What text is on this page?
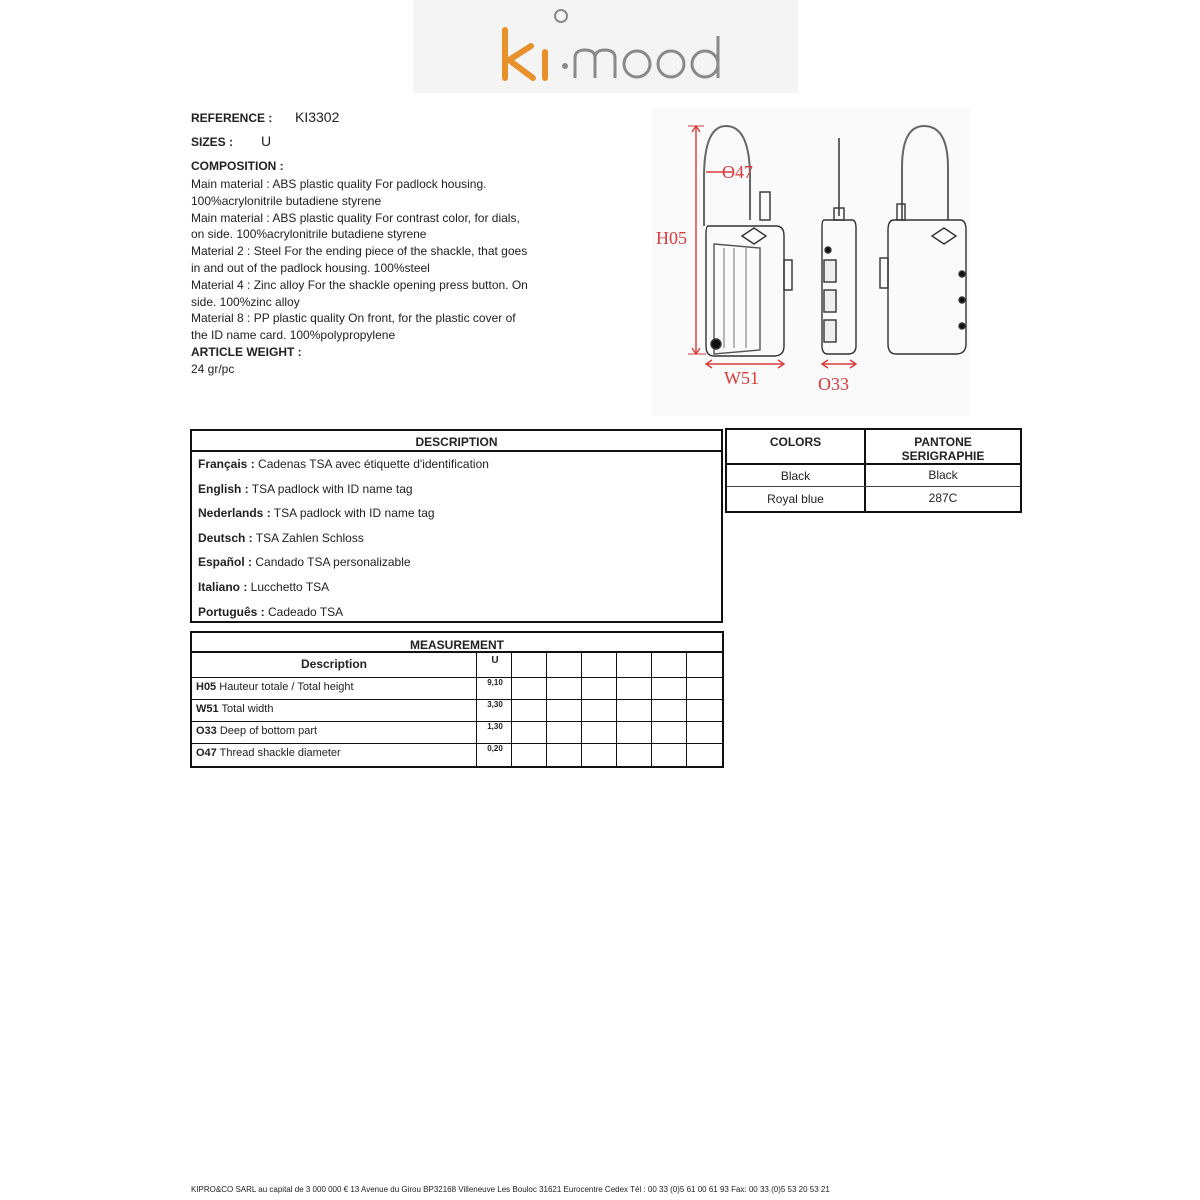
REFERENCE : KI3302
SIZES : U
COMPOSITION :
Main material : ABS plastic quality For padlock housing.
100%acrylonitrile butadiene styrene
Main material : ABS plastic quality For contrast color, for dials,
on side. 100%acrylonitrile butadiene styrene
Material 2 : Steel For the ending piece of the shackle, that goes
in and out of the padlock housing. 100%steel
Material 4 : Zinc alloy For the shackle opening press button. On
side. 100%zinc alloy
Material 8 : PP plastic quality On front, for the plastic cover of
the ID name card. 100%polypropylene
ARTICLE WEIGHT :
24 gr/pc
H05
O47
W51	O33
DESCRIPTION
Français : Cadenas TSA avec étiquette d'identification
English : TSA padlock with ID name tag
Nederlands : TSA padlock with ID name tag
Deutsch : TSA Zahlen Schloss
Español : Candado TSA personalizable
Italiano : Lucchetto TSA
Português : Cadeado TSA
COLORS	PANTONE
SERIGRAPHIE
Black	Black
Royal blue	287C
MEASUREMENT
Description	U
H05 Hauteur totale / Total height	9,10
W51 Total width	3,30
O33 Deep of bottom part	1,30
O47 Thread shackle diameter	0,20
KIPRO&CO SARL au capital de 3 000 000 € 13 Avenue du Girou BP32168 Villeneuve Les Bouloc 31621 Eurocentre Cedex Tél : 00 33 (0)5 61 00 61 93 Fax: 00 33 (0)5 53 20 53 21
